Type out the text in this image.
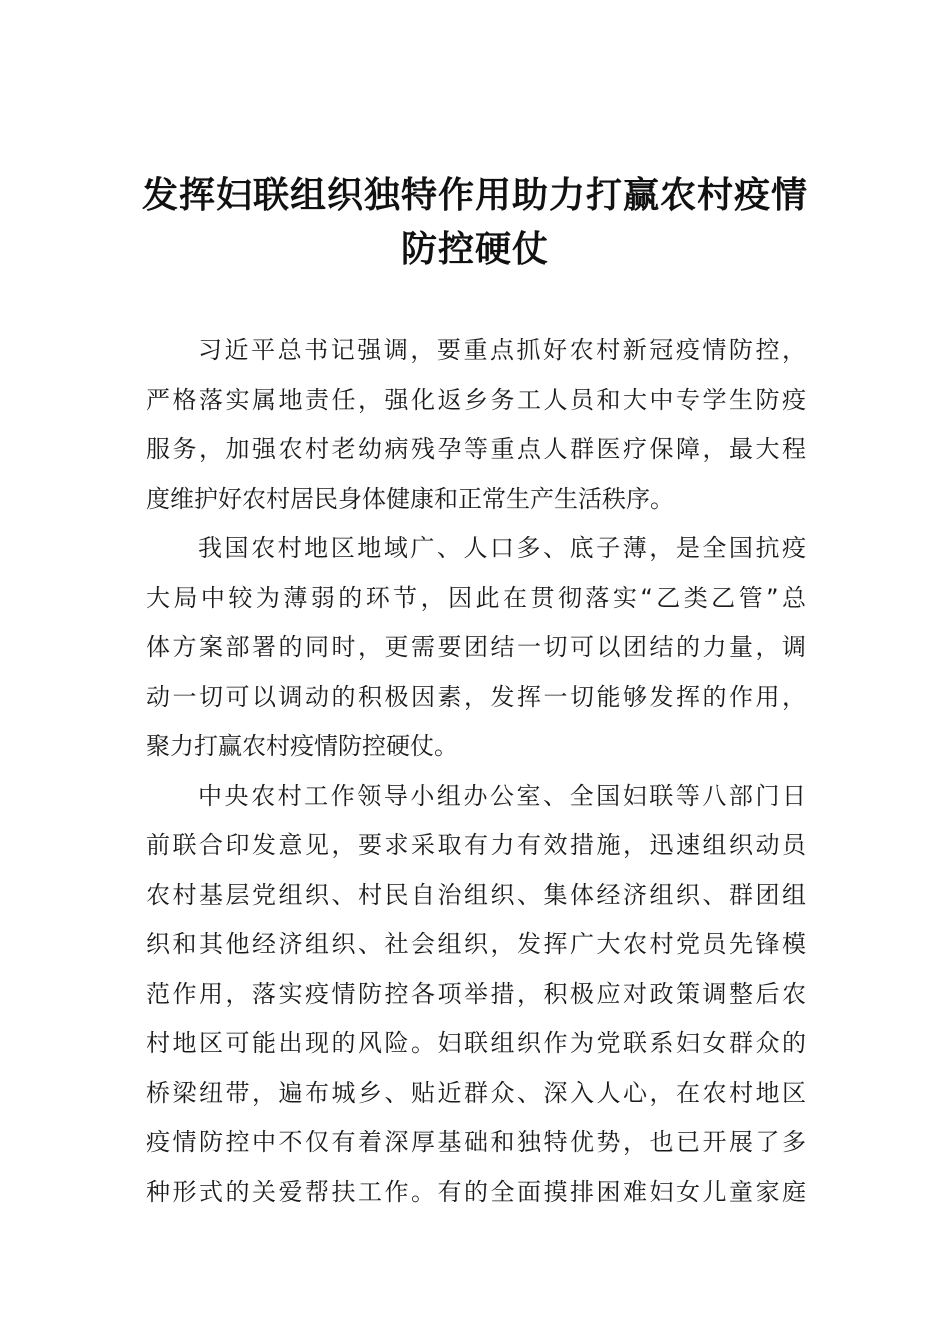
发挥妇联组织独特作用助力打赢农村疫情
防控硬仗
习近平总书记强调，要重点抓好农村新冠疫情防控，
严格落实属地责任，强化返乡务工人员和大中专学生防疫
服务，加强农村老幼病残孕等重点人群医疗保障，最大程
度维护好农村居民身体健康和正常生产生活秩序。
我国农村地区地域广、人口多、底子薄，是全国抗疫
大局中较为薄弱的环节，因此在贯彻落实“乙类乙管”总
体方案部署的同时，更需要团结一切可以团结的力量，调
动一切可以调动的积极因素，发挥一切能够发挥的作用，
聚力打赢农村疫情防控硬仗。
中央农村工作领导小组办公室、全国妇联等八部门日
前联合印发意见，要求采取有力有效措施，迅速组织动员
农村基层党组织、村民自治组织、集体经济组织、群团组
织和其他经济组织、社会组织，发挥广大农村党员先锋模
范作用，落实疫情防控各项举措，积极应对政策调整后农
村地区可能出现的风险。妇联组织作为党联系妇女群众的
桥梁纽带，遍布城乡、贴近群众、深入人心，在农村地区
疫情防控中不仅有着深厚基础和独特优势，也已开展了多
种形式的关爱帮扶工作。有的全面摸排困难妇女儿童家庭
